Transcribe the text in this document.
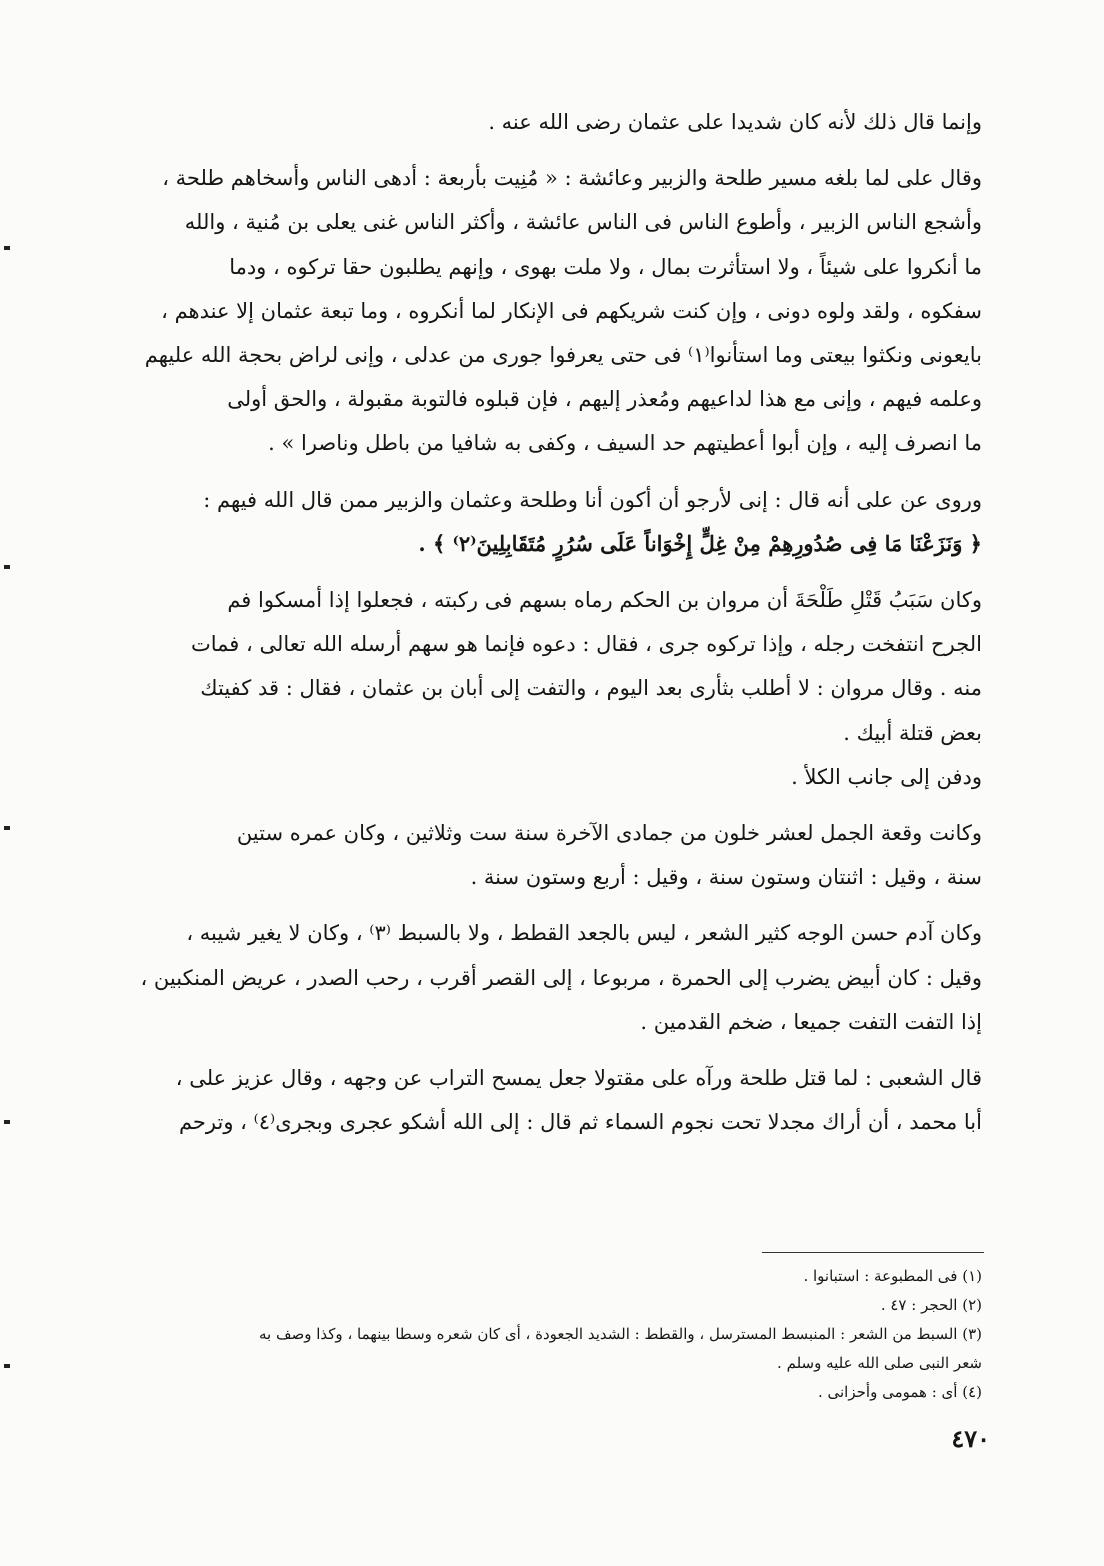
وإنما قال ذلك لأنه كان شديدا على عثمان رضى الله عنه .

وقال على لما بلغه مسير طلحة والزبير وعائشة : « مُنِيت بأربعة : أدهى الناس وأسخاهم طلحة ،

وأشجع الناس الزبير ، وأطوع الناس فى الناس عائشة ، وأكثر الناس غنى يعلى بن مُنية ، والله

ما أنكروا على شيئاً ، ولا استأثرت بمال ، ولا ملت بهوى ، وإنهم يطلبون حقا تركوه ، ودما

سفكوه ، ولقد ولوه دونى ، وإن كنت شريكهم فى الإنكار لما أنكروه ، وما تبعة عثمان إلا عندهم ،

بايعونى ونكثوا بيعتى وما استأنوا⁽١⁾ فى حتى يعرفوا جورى من عدلى ، وإنى لراض بحجة الله عليهم

وعلمه فيهم ، وإنى مع هذا لداعيهم ومُعذر إليهم ، فإن قبلوه فالتوبة مقبولة ، والحق أولى

ما انصرف إليه ، وإن أبوا أعطيتهم حد السيف ، وكفى به شافيا من باطل وناصرا » .

وروى عن على أنه قال : إنى لأرجو أن أكون أنا وطلحة وعثمان والزبير ممن قال الله فيهم :

﴿ وَنَزَعْنَا مَا فِى صُدُورِهِمْ مِنْ غِلٍّ إِخْوَاناً عَلَى سُرُرٍ مُتَقَابِلِينَ⁽٢⁾ ﴾ .

وكان سَبَبُ قَتْلِ طَلْحَةَ أن مروان بن الحكم رماه بسهم فى ركبته ، فجعلوا إذا أمسكوا فم

الجرح انتفخت رجله ، وإذا تركوه جرى ، فقال : دعوه فإنما هو سهم أرسله الله تعالى ، فمات

منه . وقال مروان : لا أطلب بثأرى بعد اليوم ، والتفت إلى أبان بن عثمان ، فقال : قد كفيتك

بعض قتلة أبيك .

ودفن إلى جانب الكلأ .

وكانت وقعة الجمل لعشر خلون من جمادى الآخرة سنة ست وثلاثين ، وكان عمره ستين

سنة ، وقيل : اثنتان وستون سنة ، وقيل : أربع وستون سنة .

وكان آدم حسن الوجه كثير الشعر ، ليس بالجعد القطط ، ولا بالسبط ⁽٣⁾ ، وكان لا يغير شيبه ،

وقيل : كان أبيض يضرب إلى الحمرة ، مربوعا ، إلى القصر أقرب ، رحب الصدر ، عريض المنكبين ،

إذا التفت التفت جميعا ، ضخم القدمين .

قال الشعبى : لما قتل طلحة ورآه على مقتولا جعل يمسح التراب عن وجهه ، وقال عزيز على ،

أبا محمد ، أن أراك مجدلا تحت نجوم السماء ثم قال : إلى الله أشكو عجرى وبجرى⁽٤⁾ ، وترحم

(١) فى المطبوعة : استبانوا .

(٢) الحجر : ٤٧ .

(٣) السبط من الشعر : المنبسط المسترسل ، والقطط : الشديد الجعودة ، أى كان شعره وسطا بينهما ، وكذا وصف به

شعر النبى صلى الله عليه وسلم .

(٤) أى : همومى وأحزانى .

٤٧٠
